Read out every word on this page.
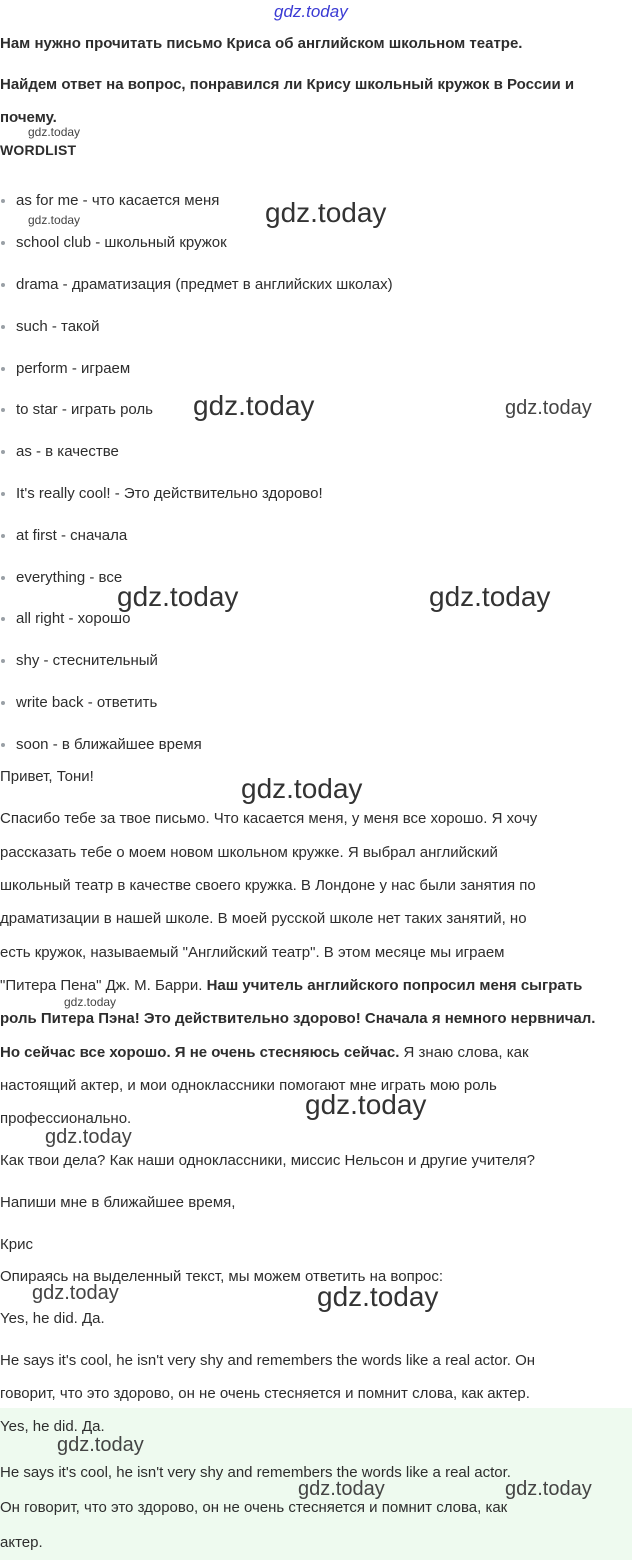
gdz.today
Нам нужно прочитать письмо Криса об английском школьном театре.
Найдем ответ на вопрос, понравился ли Крису школьный кружок в России и
почему.
WORDLIST
as for me - что касается меня
school club - школьный кружок
drama - драматизация (предмет в английских школах)
such - такой
perform - играем
to star - играть роль
as - в качестве
It's really cool! - Это действительно здорово!
at first - сначала
everything - все
all right - хорошо
shy - стеснительный
write back - ответить
soon - в ближайшее время
Привет, Тони!
Спасибо тебе за твое письмо. Что касается меня, у меня все хорошо. Я хочу
рассказать тебе о моем новом школьном кружке. Я выбрал английский
школьный театр в качестве своего кружка. В Лондоне у нас были занятия по
драматизации в нашей школе. В моей русской школе нет таких занятий, но
есть кружок, называемый "Английский театр". В этом месяце мы играем
"Питера Пена" Дж. М. Барри. Наш учитель английского попросил меня сыграть
роль Питера Пэна! Это действительно здорово! Сначала я немного нервничал.
Но сейчас все хорошо. Я не очень стесняюсь сейчас. Я знаю слова, как
настоящий актер, и мои одноклассники помогают мне играть мою роль
профессионально.
Как твои дела? Как наши одноклассники, миссис Нельсон и другие учителя?
Напиши мне в ближайшее время,
Крис
Опираясь на выделенный текст, мы можем ответить на вопрос:
Yes, he did. Да.
He says it's cool, he isn't very shy and remembers the words like a real actor. Он
говорит, что это здорово, он не очень стесняется и помнит слова, как актер.
Yes, he did. Да.
He says it's cool, he isn't very shy and remembers the words like a real actor.
Он говорит, что это здорово, он не очень стесняется и помнит слова, как
актер.
gdz.today
gdz.today	gdz.today
gdz.today	gdz.today
gdz.today	gdz.today
gdz.today
gdz.today
gdz.today
gdz.today
gdz.today	gdz.today
gdz.today
gdz.today	gdz.today
